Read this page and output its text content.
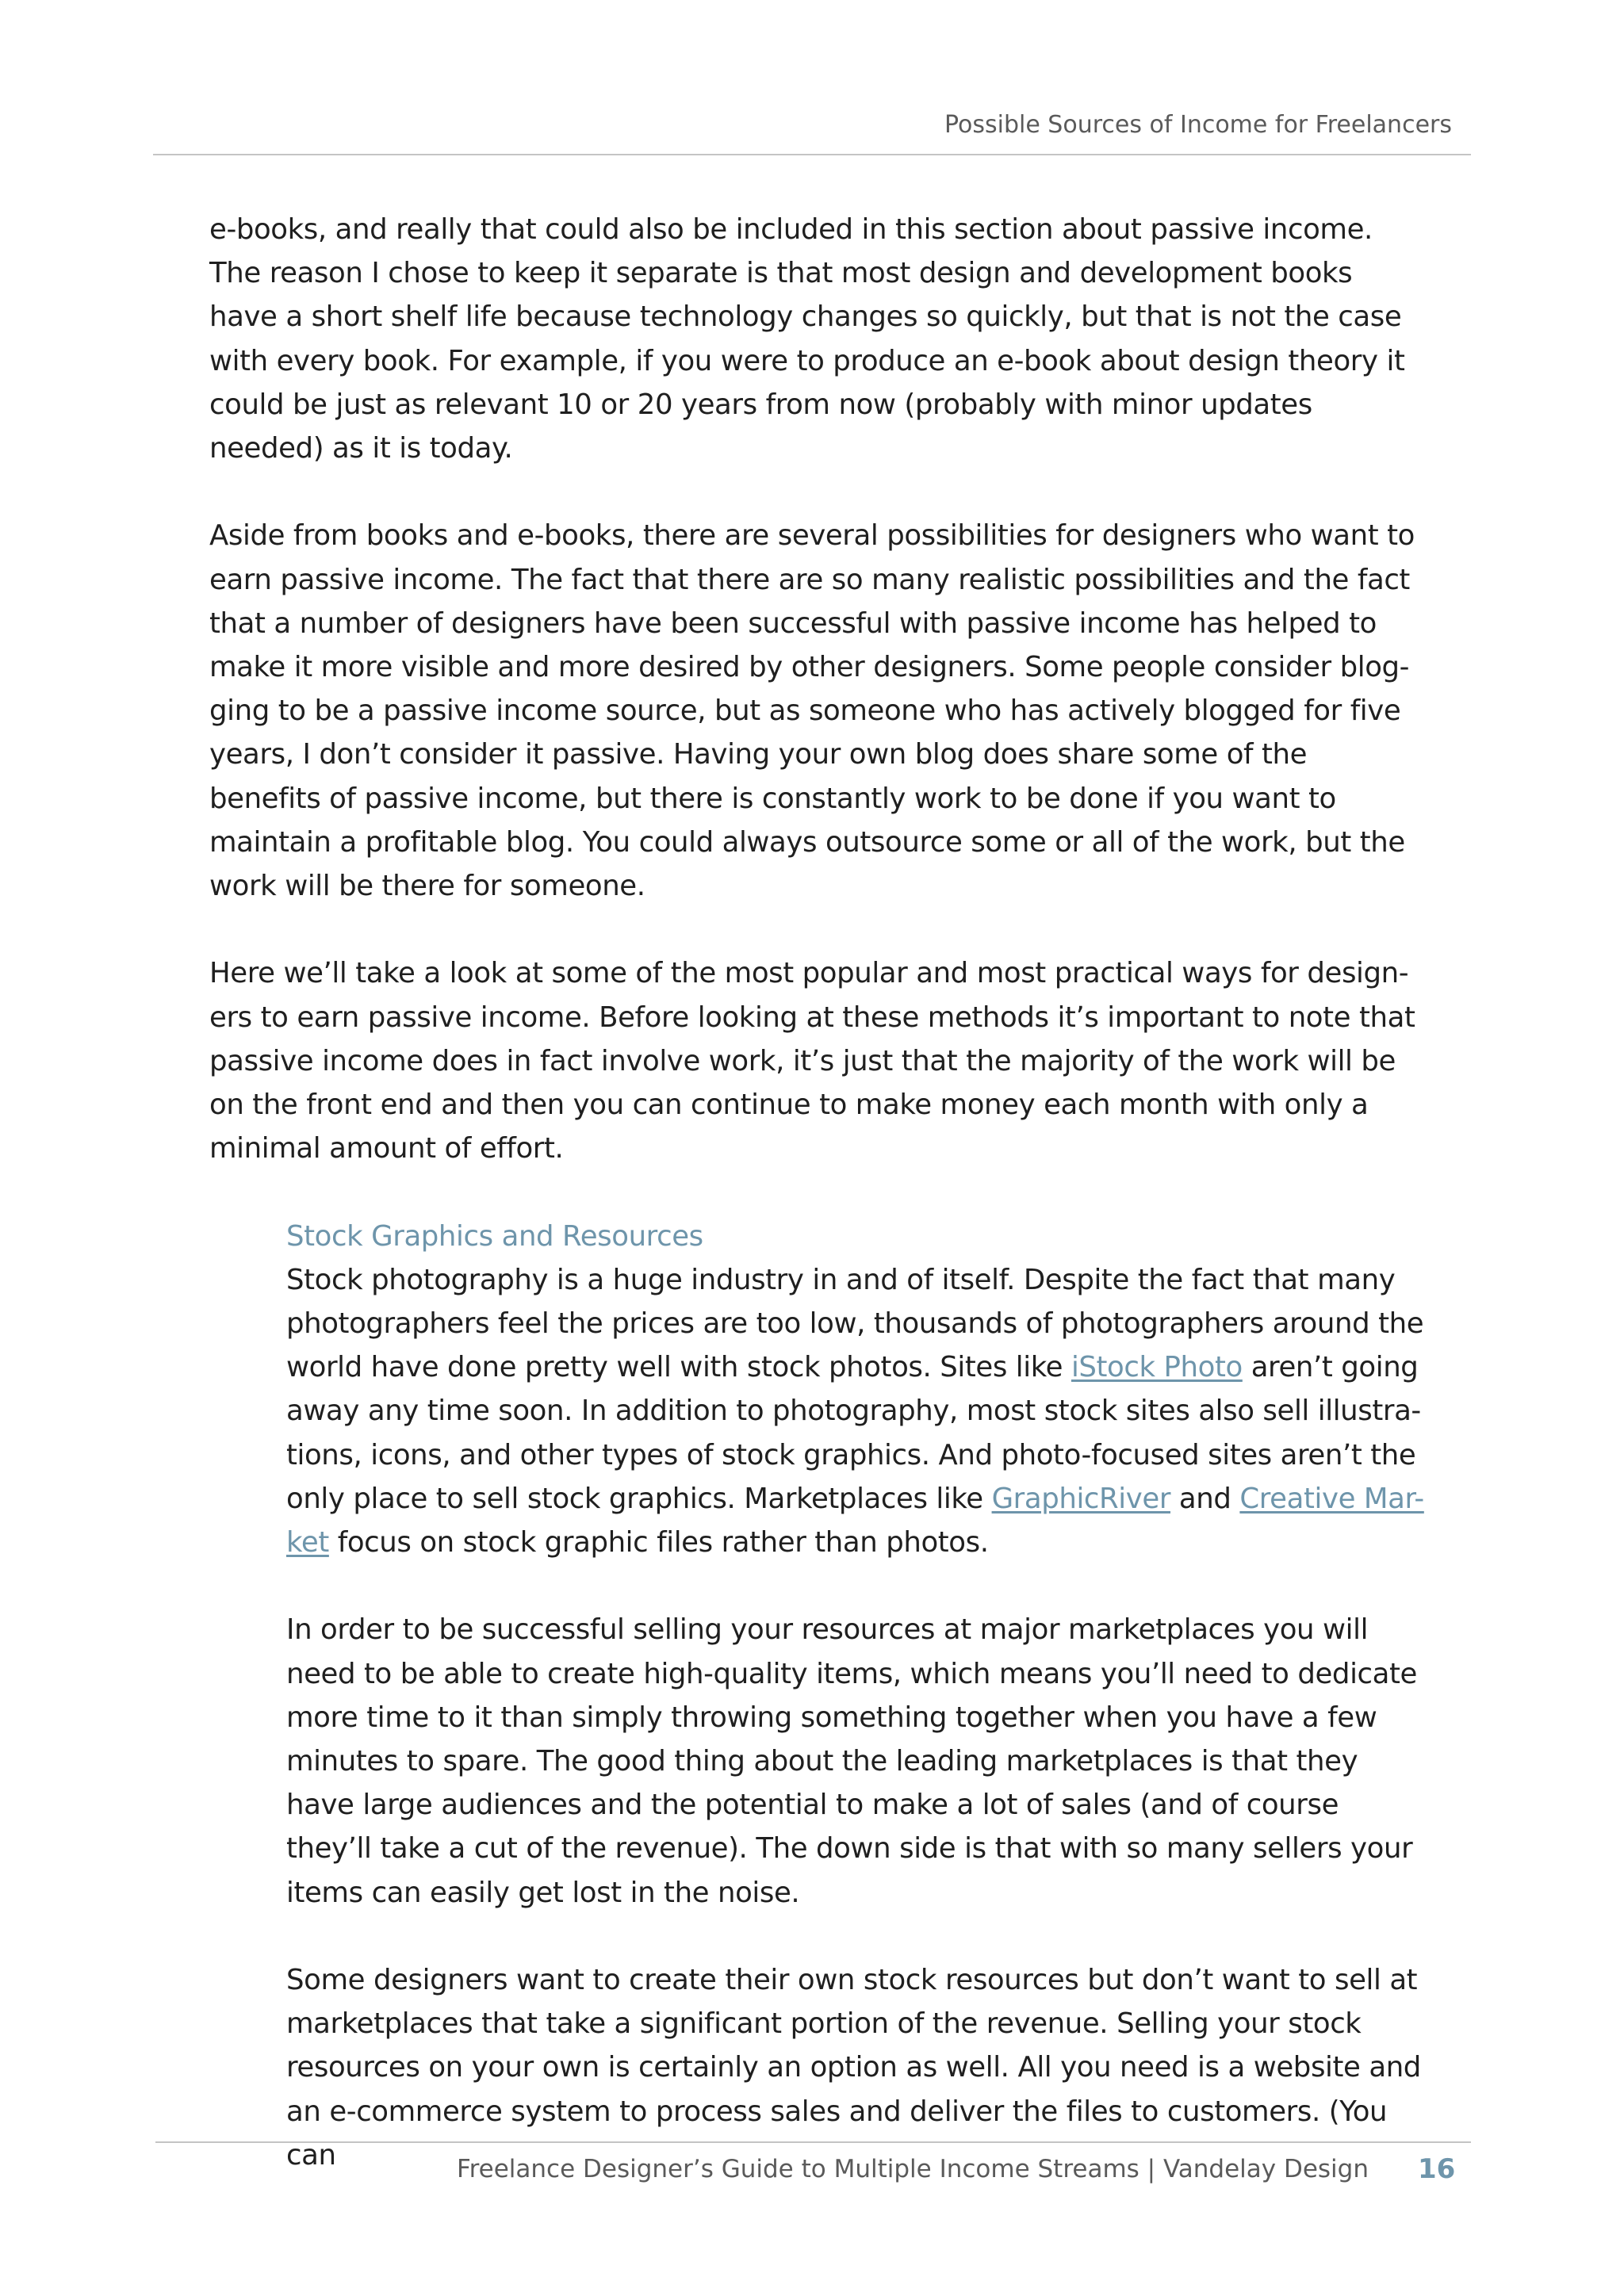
Possible Sources of Income for Freelancers

e-books, and really that could also be included in this section about passive income. The reason I chose to keep it separate is that most design and development books have a short shelf life because technology changes so quickly, but that is not the case with every book. For example, if you were to produce an e-book about design theory it could be just as relevant 10 or 20 years from now (probably with minor updates needed) as it is today.

Aside from books and e-books, there are several possibilities for designers who want to earn passive income. The fact that there are so many realistic possibilities and the fact that a number of designers have been successful with passive income has helped to make it more visible and more desired by other designers. Some people consider blog-ging to be a passive income source, but as someone who has actively blogged for five years, I don’t consider it passive. Having your own blog does share some of the benefits of passive income, but there is constantly work to be done if you want to maintain a profitable blog. You could always outsource some or all of the work, but the work will be there for someone.

Here we’ll take a look at some of the most popular and most practical ways for design-ers to earn passive income. Before looking at these methods it’s important to note that passive income does in fact involve work, it’s just that the majority of the work will be on the front end and then you can continue to make money each month with only a minimal amount of effort.

Stock Graphics and Resources

Stock photography is a huge industry in and of itself. Despite the fact that many photographers feel the prices are too low, thousands of photographers around the world have done pretty well with stock photos. Sites like iStock Photo aren’t going away any time soon. In addition to photography, most stock sites also sell illustra-tions, icons, and other types of stock graphics. And photo-focused sites aren’t the only place to sell stock graphics. Marketplaces like GraphicRiver and Creative Mar-ket focus on stock graphic files rather than photos.

In order to be successful selling your resources at major marketplaces you will need to be able to create high-quality items, which means you’ll need to dedicate more time to it than simply throwing something together when you have a few minutes to spare. The good thing about the leading marketplaces is that they have large audiences and the potential to make a lot of sales (and of course they’ll take a cut of the revenue). The down side is that with so many sellers your items can easily get lost in the noise.

Some designers want to create their own stock resources but don’t want to sell at marketplaces that take a significant portion of the revenue. Selling your stock resources on your own is certainly an option as well. All you need is a website and an e-commerce system to process sales and deliver the files to customers. (You can	Freelance Designer’s Guide to Multiple Income Streams | Vandelay Design 16
